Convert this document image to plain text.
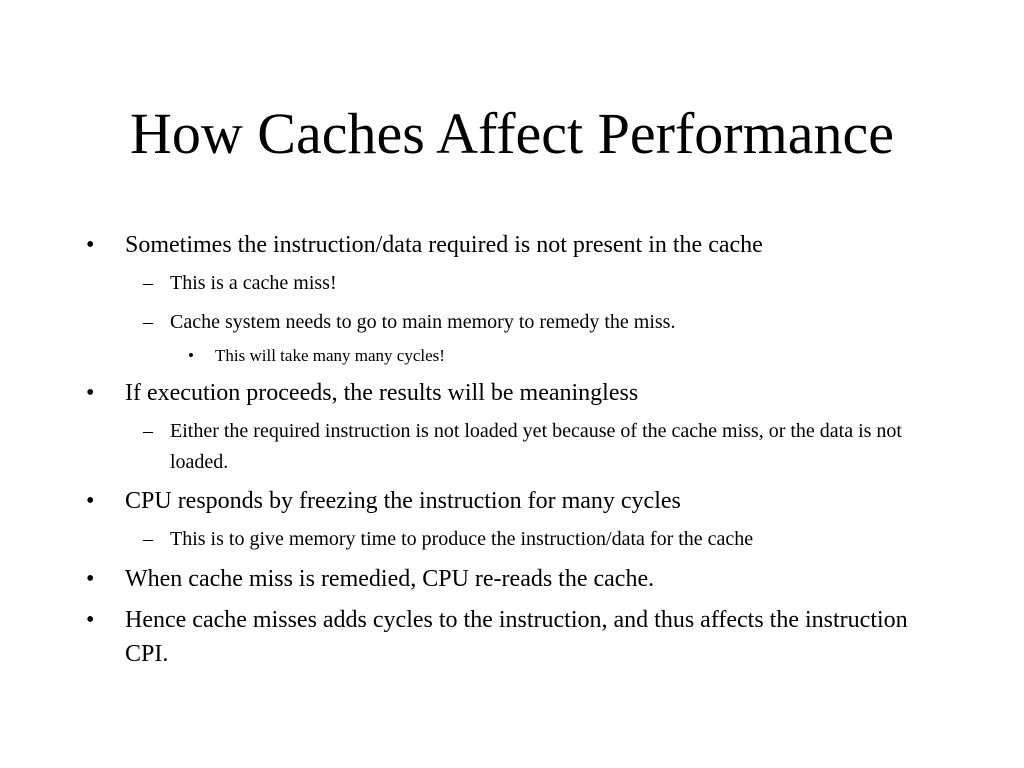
How Caches Affect Performance
• Sometimes the instruction/data required is not present in the cache
– This is a cache miss!
– Cache system needs to go to main memory to remedy the miss.
• This will take many many cycles!
• If execution proceeds, the results will be meaningless
– Either the required instruction is not loaded yet because of the cache miss, or the data is not loaded.
• CPU responds by freezing the instruction for many cycles
– This is to give memory time to produce the instruction/data for the cache
• When cache miss is remedied, CPU re-reads the cache.
• Hence cache misses adds cycles to the instruction, and thus affects the instruction CPI.
